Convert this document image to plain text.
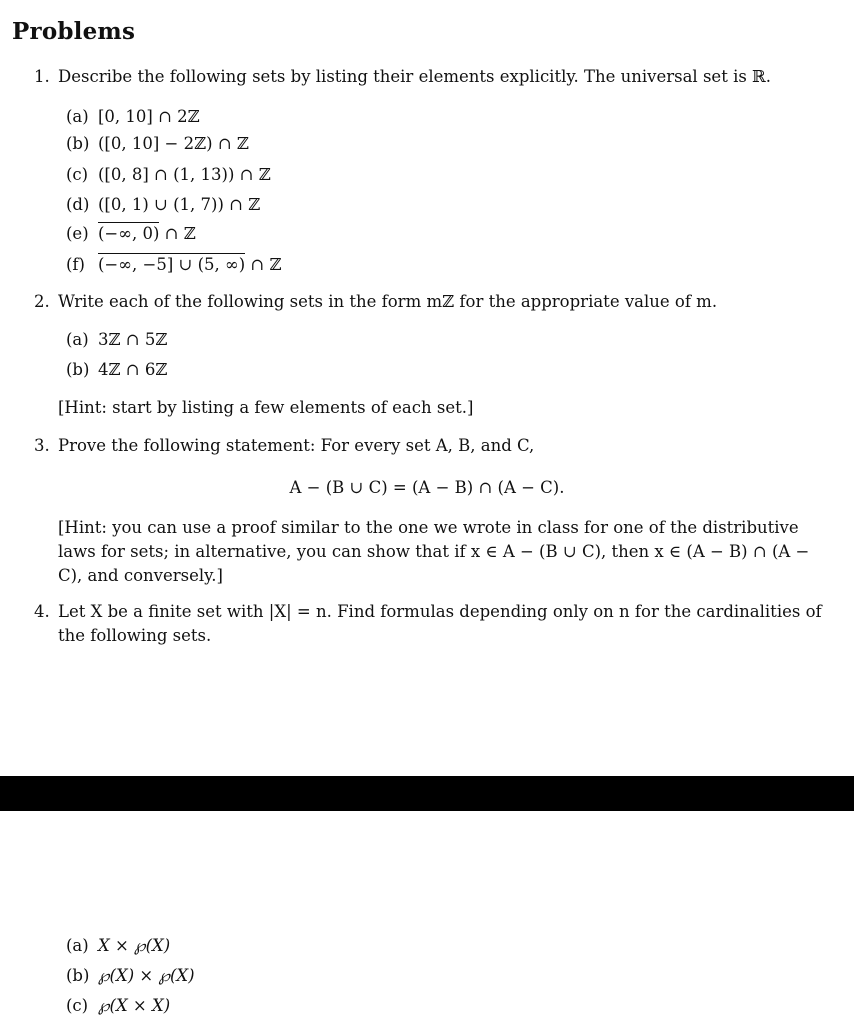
Problems
1. Describe the following sets by listing their elements explicitly. The universal set is ℝ.
(a) [0, 10] ∩ 2ℤ
(b) ([0, 10] − 2ℤ) ∩ ℤ
(c) ([0, 8] ∩ (1, 13)) ∩ ℤ
(d) ([0, 1) ∪ (1, 7)) ∩ ℤ
(e) (−∞, 0) ∩ ℤ
(f) (−∞, −5] ∪ (5, ∞) ∩ ℤ
2. Write each of the following sets in the form mℤ for the appropriate value of m.
(a) 3ℤ ∩ 5ℤ
(b) 4ℤ ∩ 6ℤ
[Hint: start by listing a few elements of each set.]
3. Prove the following statement: For every set A, B, and C,
A − (B ∪ C) = (A − B) ∩ (A − C).
[Hint: you can use a proof similar to the one we wrote in class for one of the distributive laws for sets; in alternative, you can show that if x ∈ A − (B ∪ C), then x ∈ (A − B) ∩ (A − C), and conversely.]
4. Let X be a finite set with |X| = n. Find formulas depending only on n for the cardinalities of the following sets.
(a) X × ℘(X)
(b) ℘(X) × ℘(X)
(c) ℘(X × X)
